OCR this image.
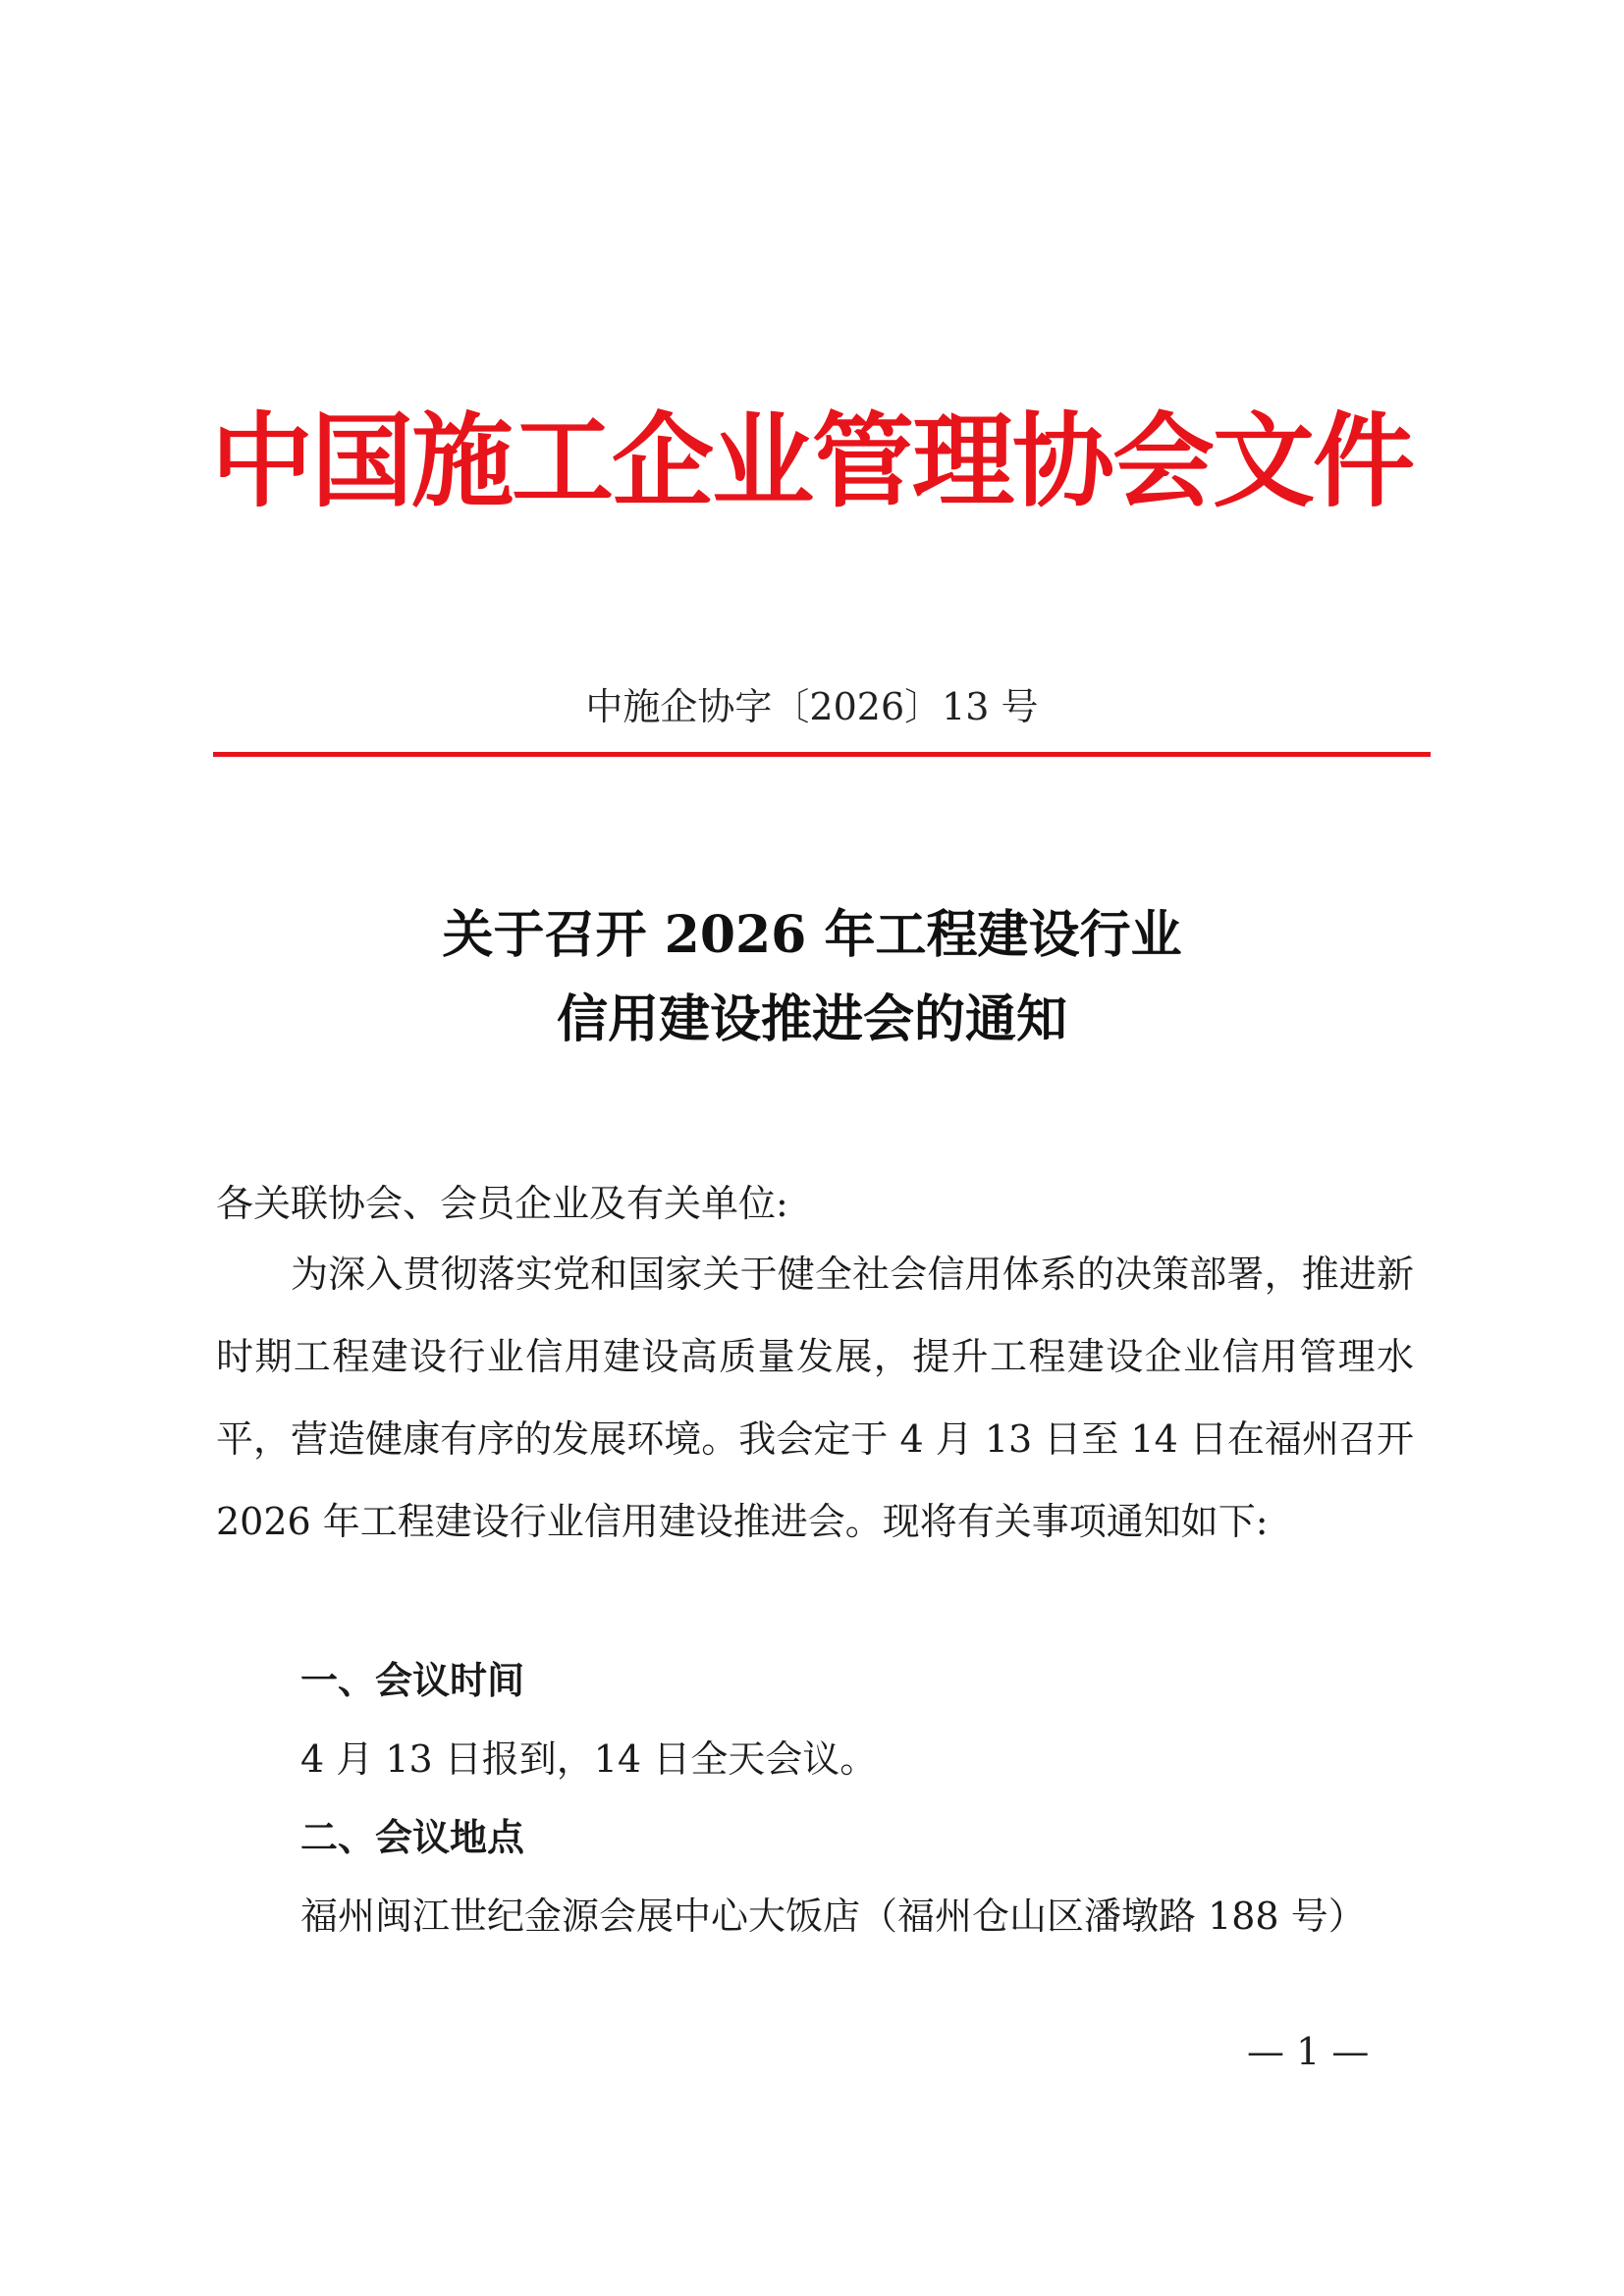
中国施工企业管理协会文件
中施企协字〔2026〕13 号
关于召开 2026 年工程建设行业
信用建设推进会的通知
各关联协会、会员企业及有关单位:
为深入贯彻落实党和国家关于健全社会信用体系的决策部署，推进新时期工程建设行业信用建设高质量发展，提升工程建设企业信用管理水平，营造健康有序的发展环境。我会定于 4 月 13 日至 14 日在福州召开 2026 年工程建设行业信用建设推进会。现将有关事项通知如下:
一、会议时间
4 月 13 日报到，14 日全天会议。
二、会议地点
福州闽江世纪金源会展中心大饭店（福州仓山区潘墩路 188 号）
— 1 —
